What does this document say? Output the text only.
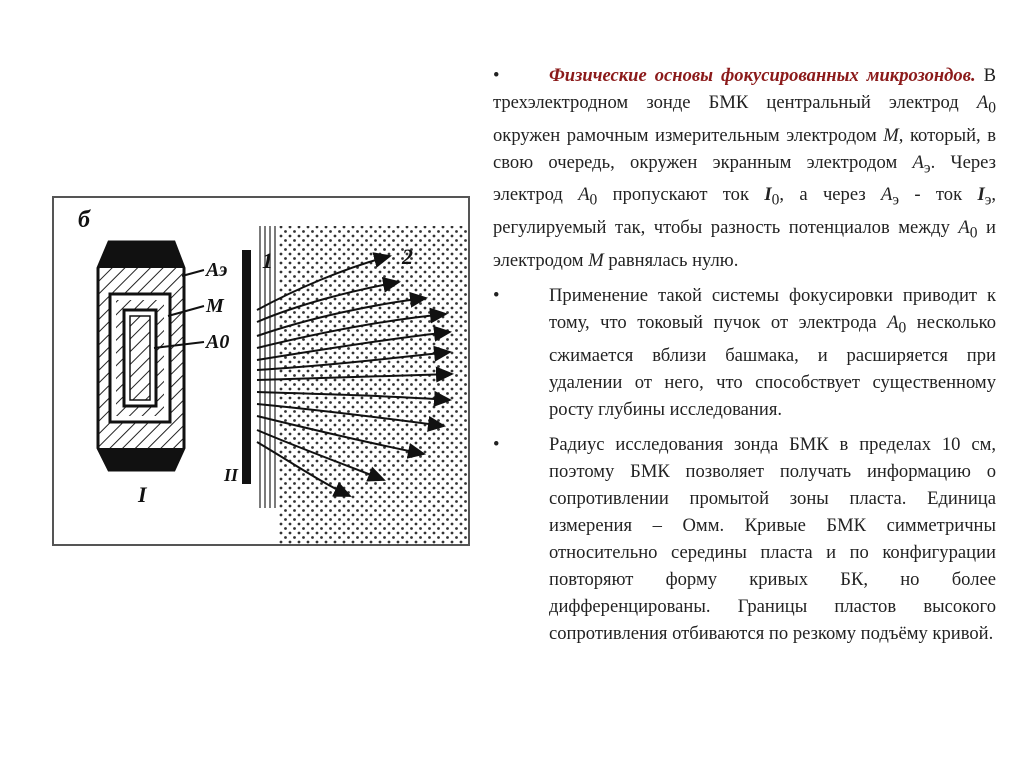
б
Аэ
М
А0
1	2
I
II
•	Физические основы фокусированных микрозондов. В трехэлектродном зонде БМК центральный электрод $А_0$ окружен рамочным измерительным электродом М, который, в свою очередь, окружен экранным электродом $А_э$. Через электрод $А_0$ пропускают ток $I_0$, а через $А_э$ - ток $I_э$, регулируемый так, чтобы разность потенциалов между $А_0$ и электродом М равнялась нулю.
•	Применение такой системы фокусировки приводит к тому, что токовый пучок от электрода $А_0$ несколько сжимается вблизи башмака, и расширяется при удалении от него, что способствует существенному росту глубины исследования.
•	Радиус исследования зонда БМК в пределах 10 см, поэтому БМК позволяет получать информацию о сопротивлении промытой зоны пласта. Единица измерения – Омм. Кривые БМК симметричны относительно середины пласта и по конфигурации повторяют форму кривых БК, но более дифференцированы. Границы пластов высокого сопротивления отбиваются по резкому подъёму кривой.
